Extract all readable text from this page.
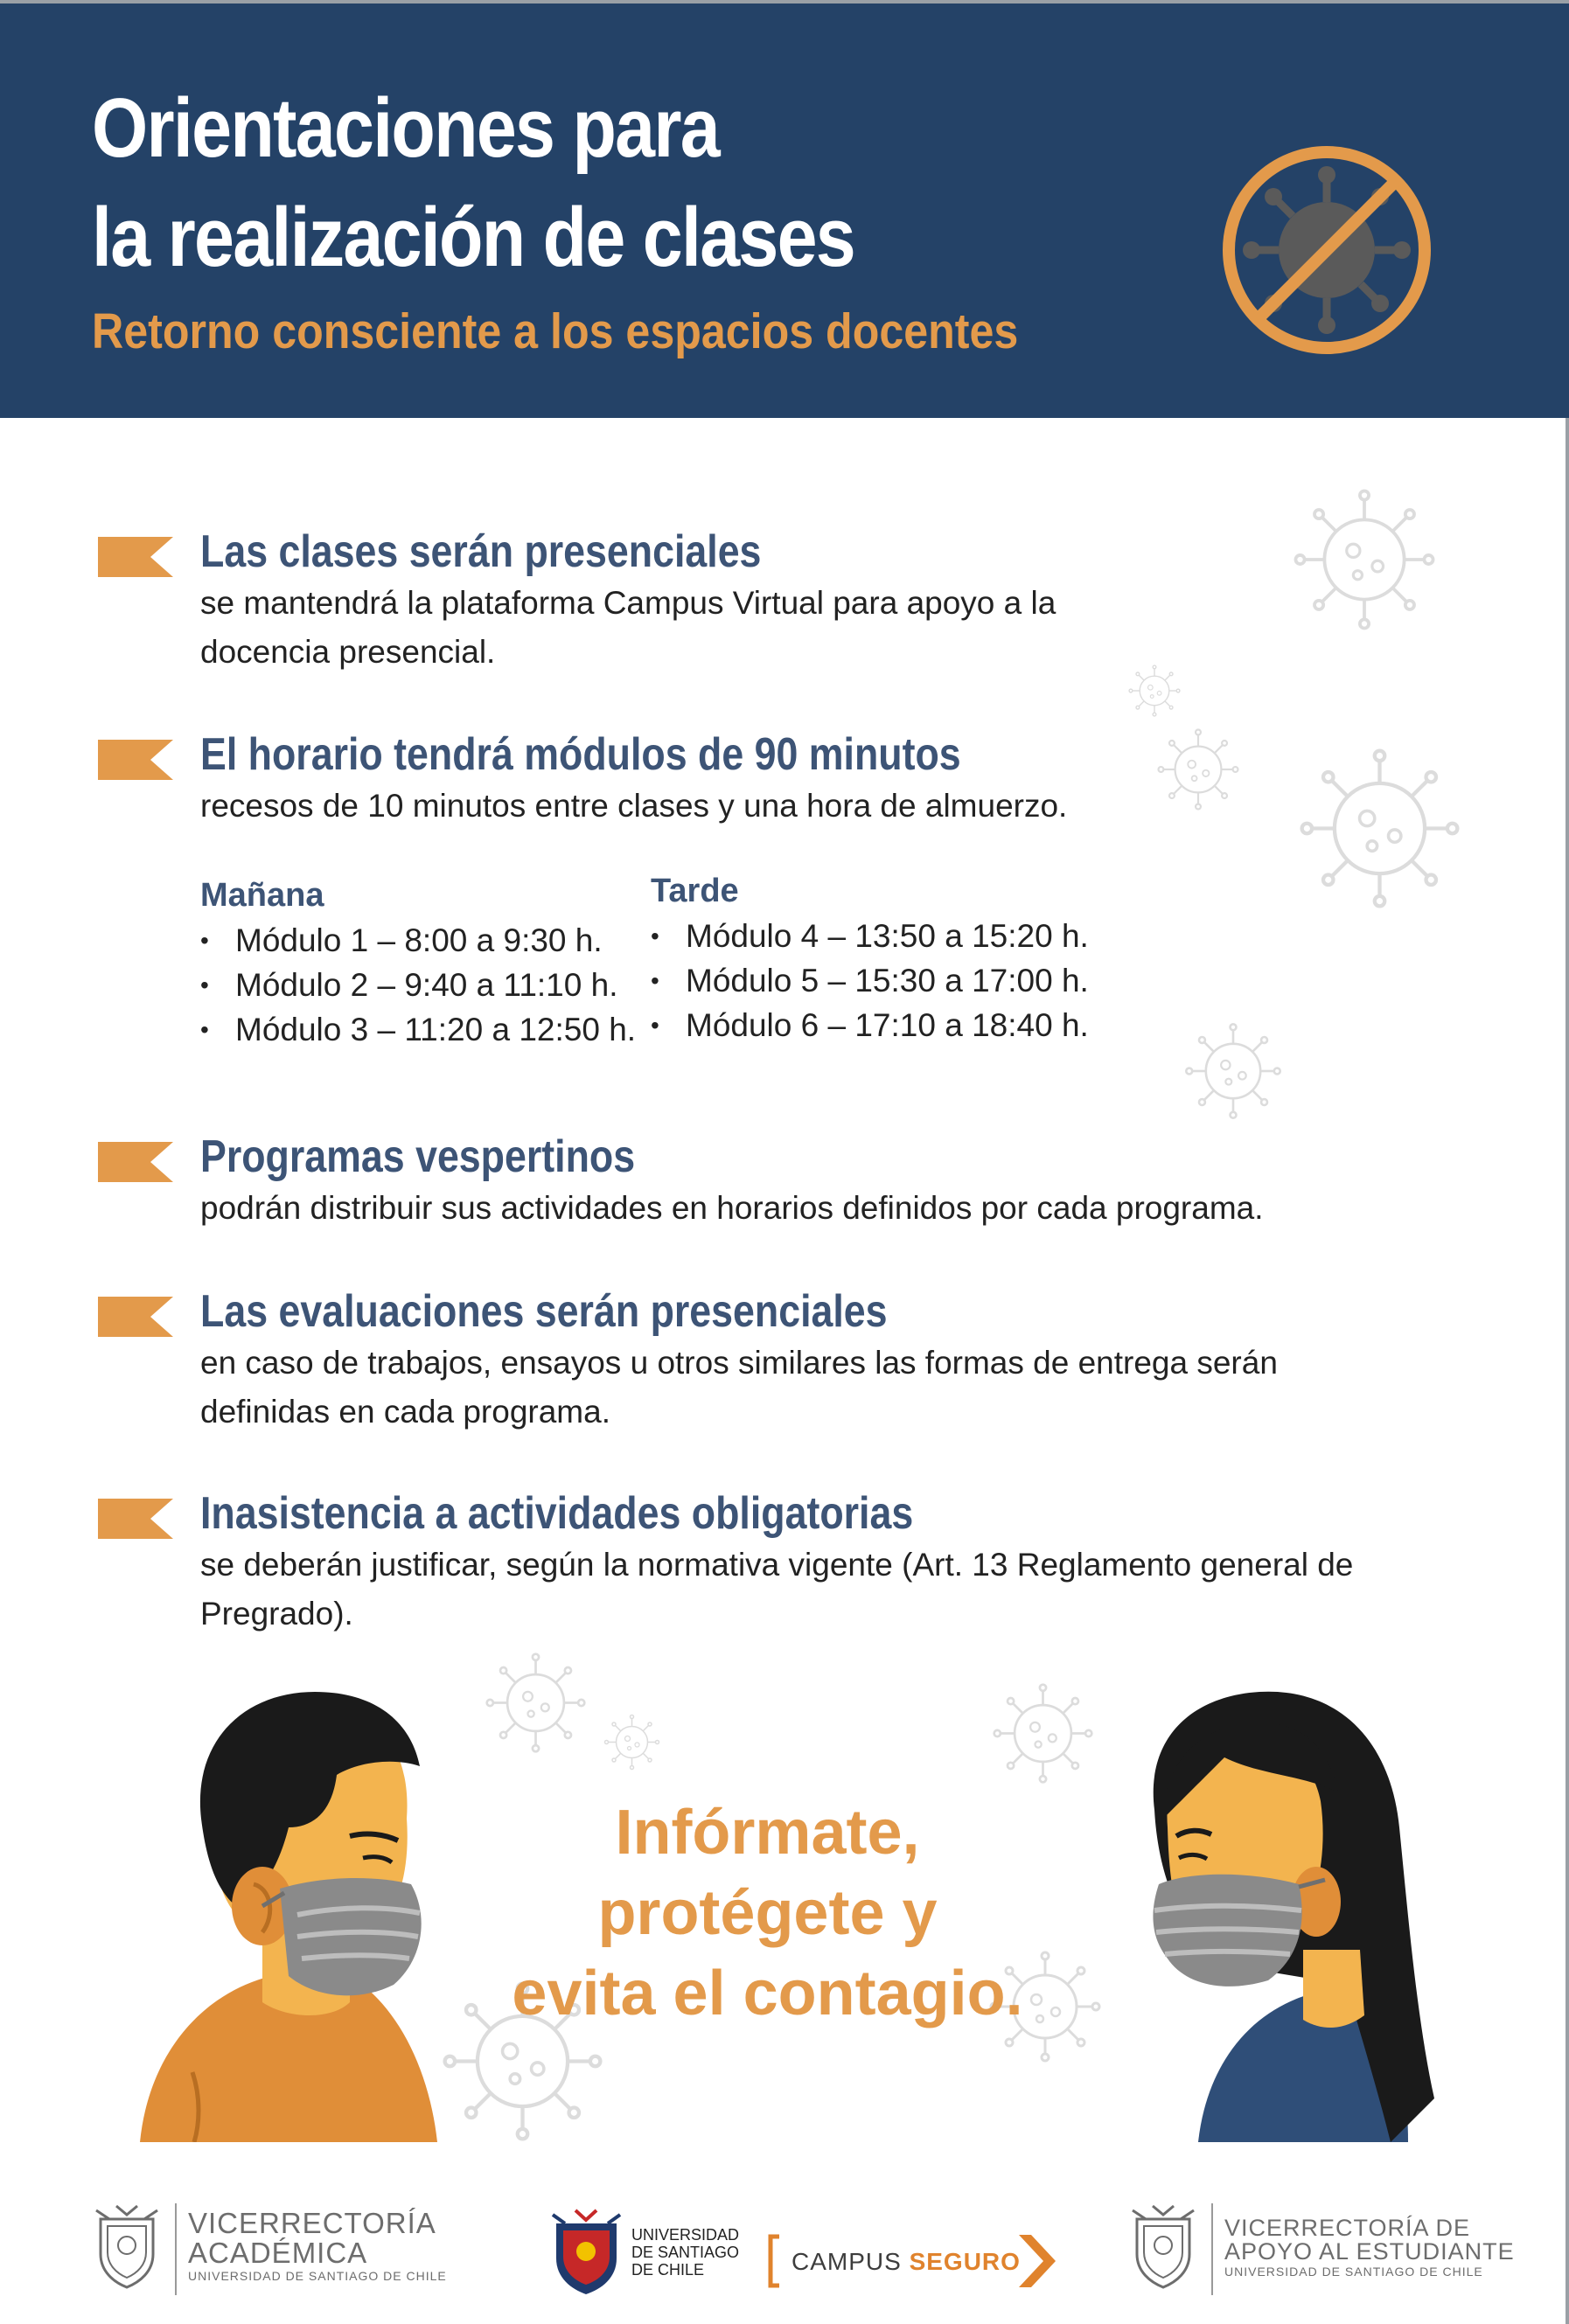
Orientaciones para
la realización de clases
Retorno consciente a los espacios docentes
Las clases serán presenciales
se mantendrá la plataforma Campus Virtual para apoyo a la
docencia presencial.
El horario tendrá módulos de 90 minutos
recesos de 10 minutos entre clases y una hora de almuerzo.
Mañana
• Módulo 1 – 8:00 a 9:30 h.
• Módulo 2 – 9:40 a 11:10 h.
• Módulo 3 – 11:20 a 12:50 h.
Tarde
• Módulo 4 – 13:50 a 15:20 h.
• Módulo 5 – 15:30 a 17:00 h.
• Módulo 6 – 17:10 a 18:40 h.
Programas vespertinos
podrán distribuir sus actividades en horarios definidos por cada programa.
Las evaluaciones serán presenciales
en caso de trabajos, ensayos u otros similares las formas de entrega serán definidas en cada programa.
Inasistencia a actividades obligatorias
se deberán justificar, según la normativa vigente (Art. 13 Reglamento general de Pregrado).
Infórmate,
protégete y
evita el contagio.
VICERRECTORÍA
ACADÉMICA
UNIVERSIDAD DE SANTIAGO DE CHILE
UNIVERSIDAD
DE SANTIAGO
DE CHILE	CAMPUS SEGURO
VICERRECTORÍA DE
APOYO AL ESTUDIANTE
UNIVERSIDAD DE SANTIAGO DE CHILE
